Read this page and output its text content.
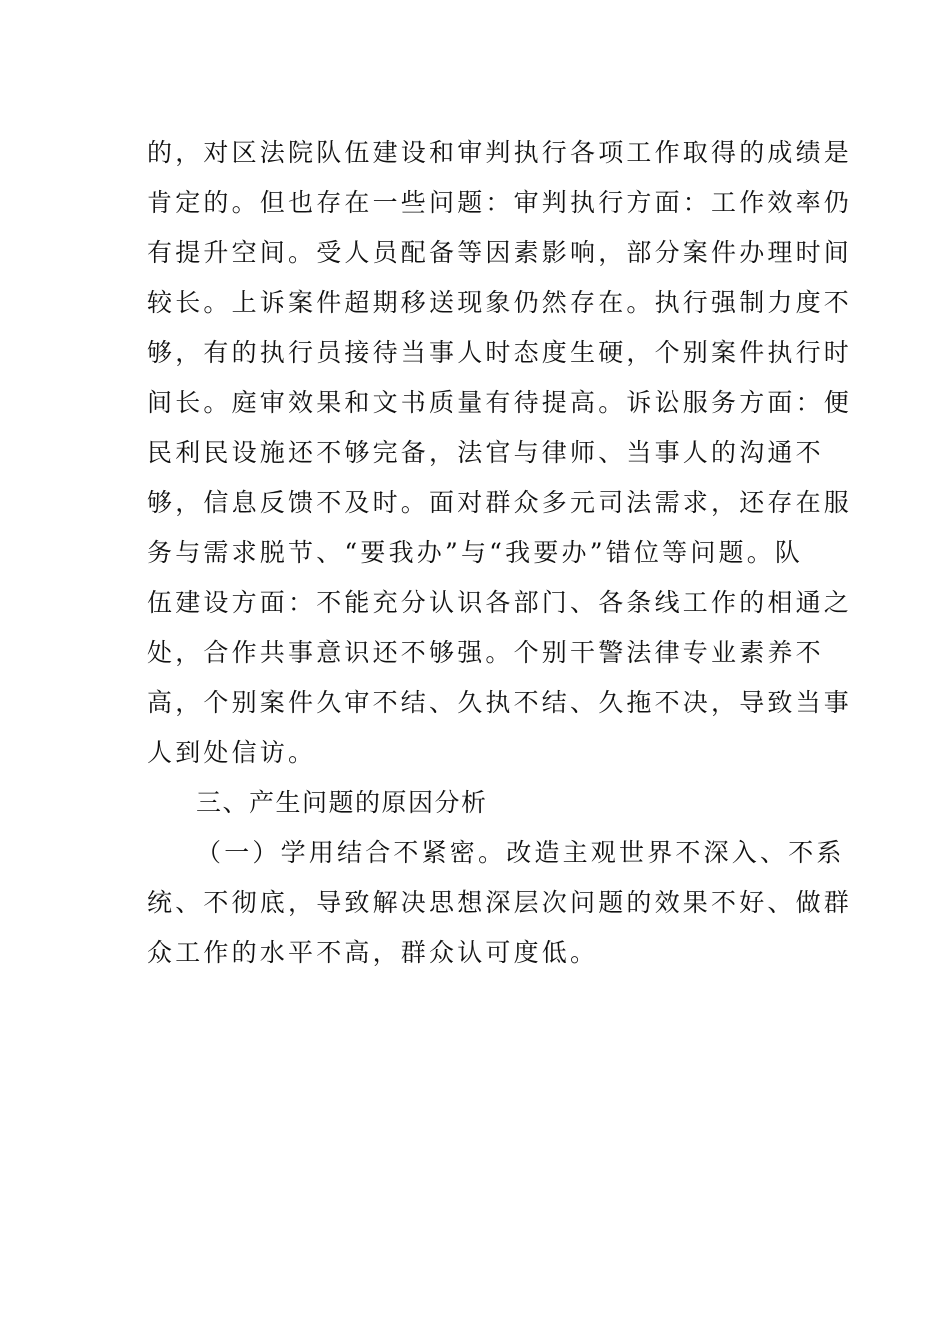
的，对区法院队伍建设和审判执行各项工作取得的成绩是
肯定的。但也存在一些问题：审判执行方面：工作效率仍
有提升空间。受人员配备等因素影响，部分案件办理时间
较长。上诉案件超期移送现象仍然存在。执行强制力度不
够，有的执行员接待当事人时态度生硬，个别案件执行时
间长。庭审效果和文书质量有待提高。诉讼服务方面：便
民利民设施还不够完备，法官与律师、当事人的沟通不
够，信息反馈不及时。面对群众多元司法需求，还存在服
务与需求脱节、“要我办”与“我要办”错位等问题。队
伍建设方面：不能充分认识各部门、各条线工作的相通之
处，合作共事意识还不够强。个别干警法律专业素养不
高，个别案件久审不结、久执不结、久拖不决，导致当事
人到处信访。
三、产生问题的原因分析
（一）学用结合不紧密。改造主观世界不深入、不系
统、不彻底，导致解决思想深层次问题的效果不好、做群
众工作的水平不高，群众认可度低。
